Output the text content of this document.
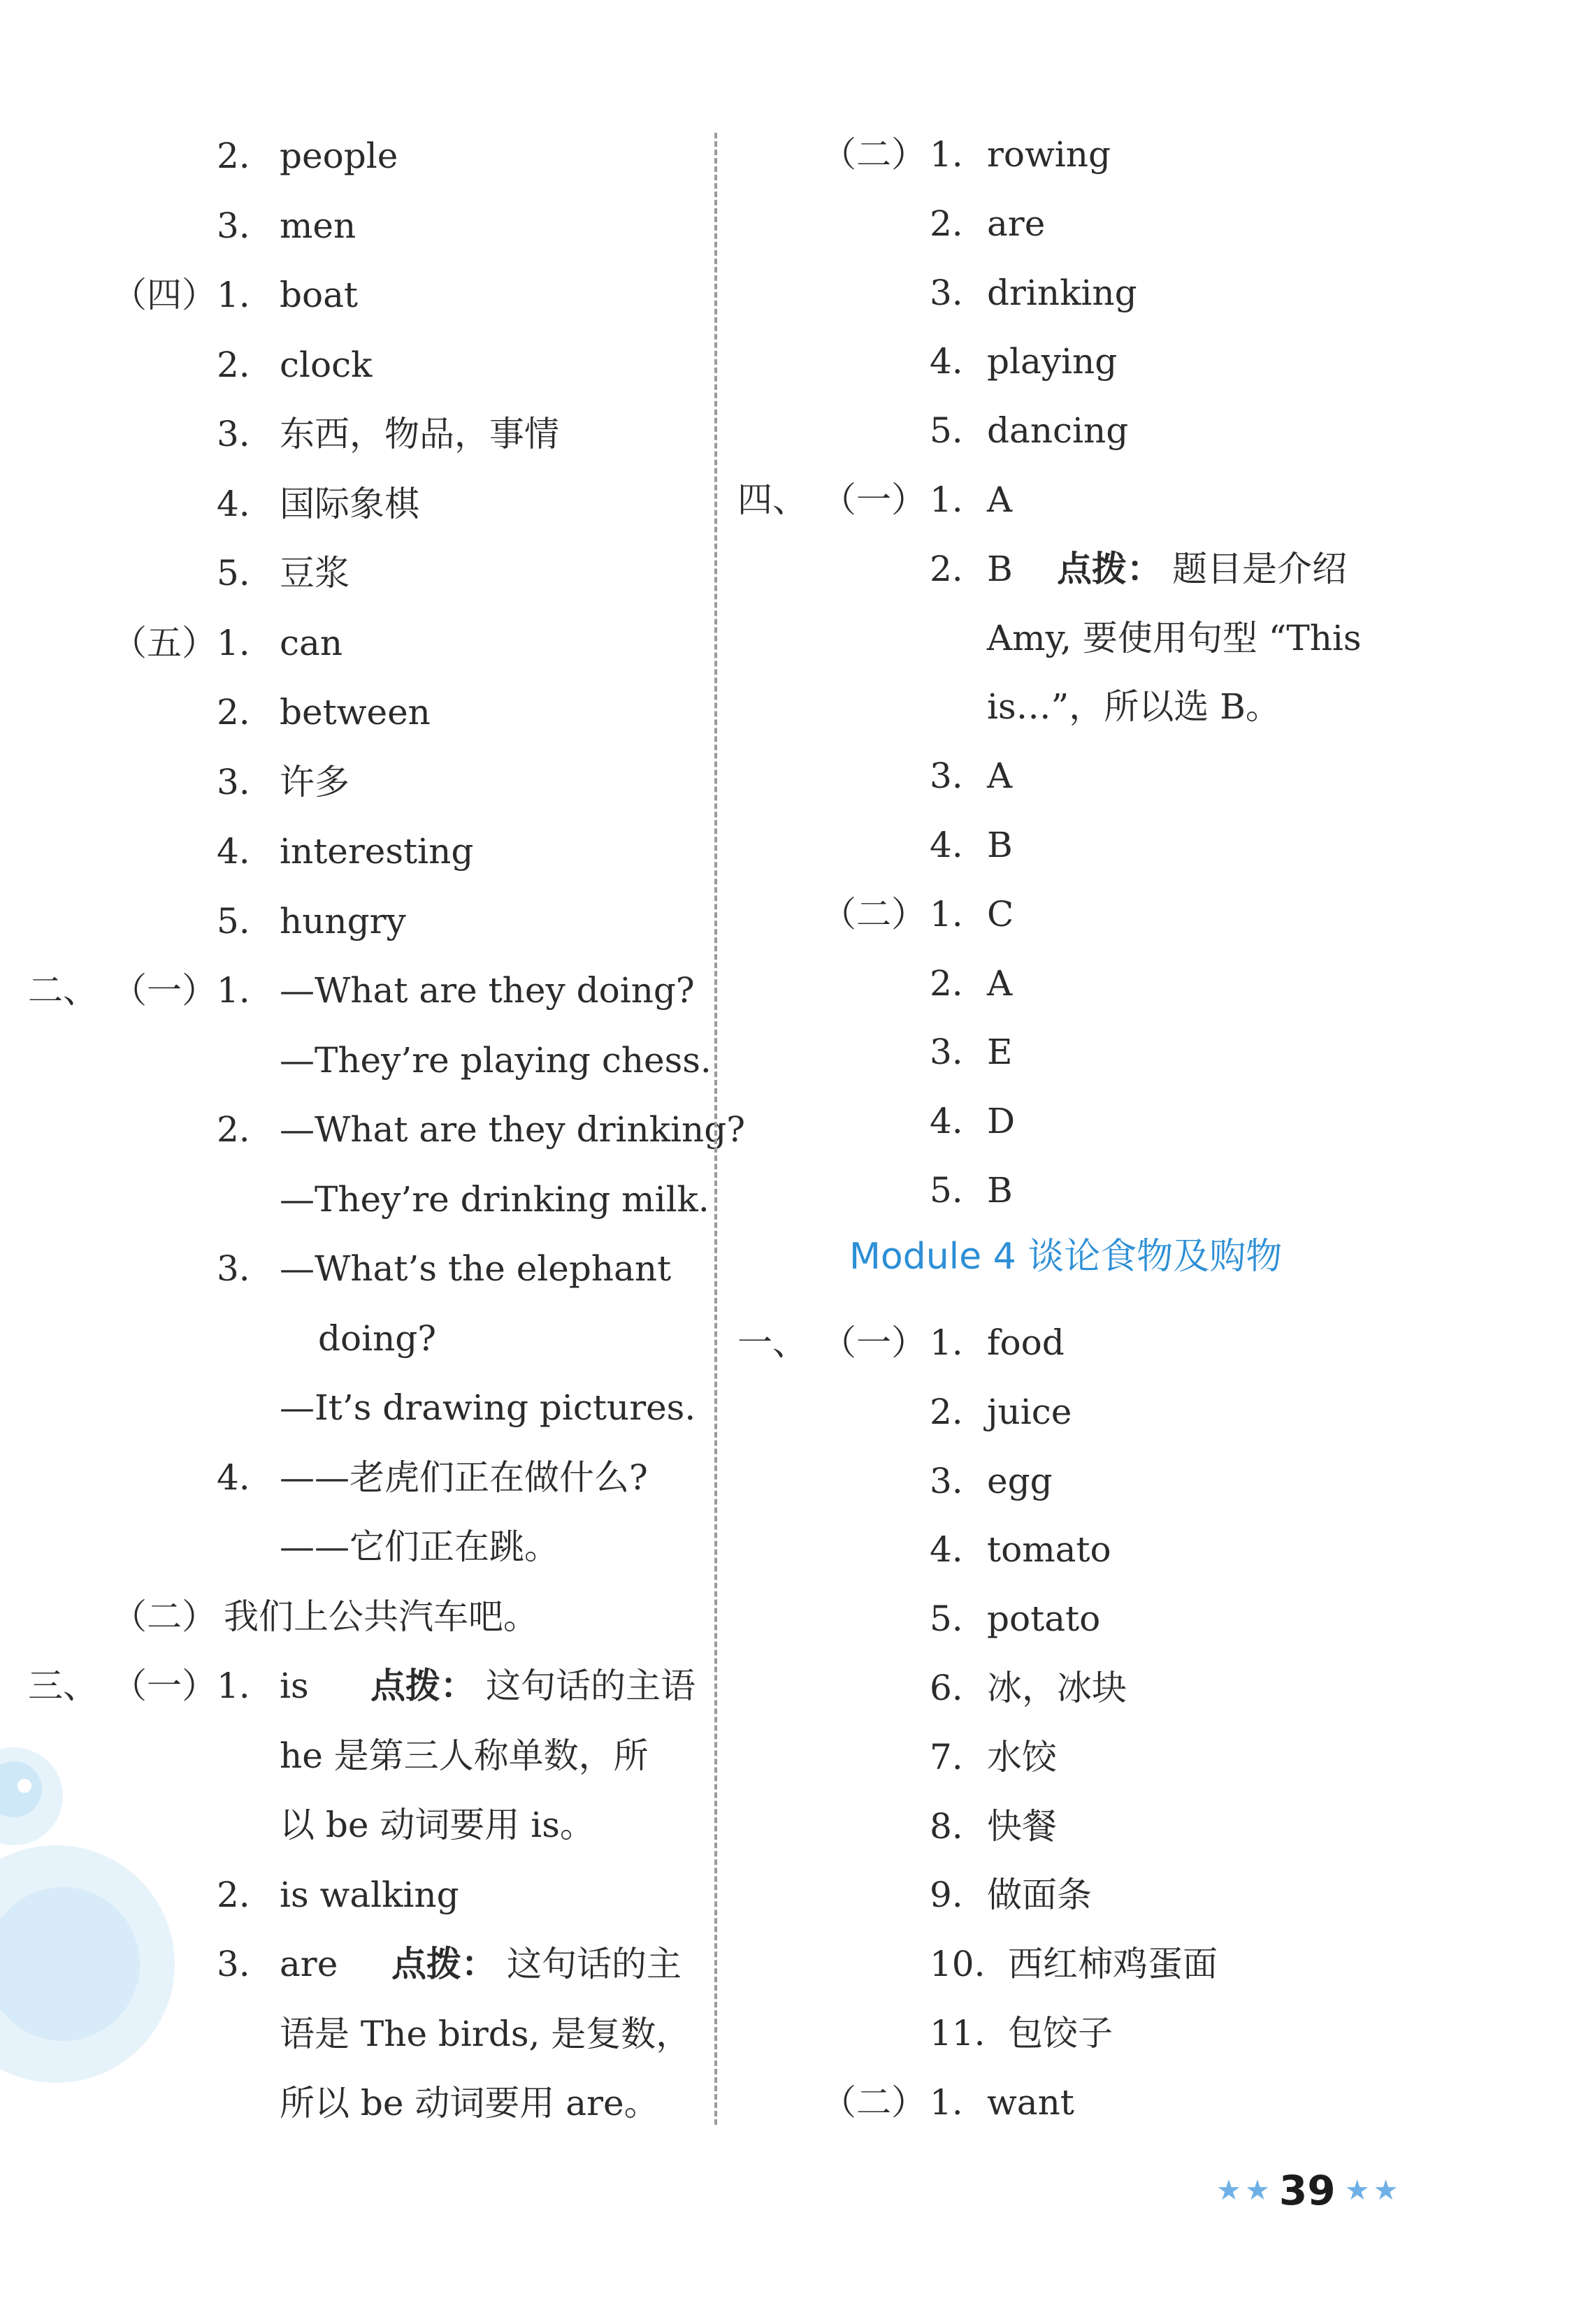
2. people
3. men
（四） 1. boat
2. clock
3. 东西，物品，事情
4. 国际象棋
5. 豆浆
（五） 1. can
2. between
3. 许多
4. interesting
5. hungry
二、 （一） 1. —What are they doing?
—They’re playing chess.
2. —What are they drinking?
—They’re drinking milk.
3. —What’s the elephant
doing?
—It’s drawing pictures.
4. ——老虎们正在做什么?
——它们正在跳。
（二） 我们上公共汽车吧。
三、 （一） 1. is 点拨： 这句话的主语
he 是第三人称单数，所
以 be 动词要用 is。
2. is walking
3. are 点拨： 这句话的主
语是 The birds, 是复数，
所以 be 动词要用 are。
（二） 1. rowing
2. are
3. drinking
4. playing
5. dancing
四、 （一） 1. A
2. B 点拨： 题目是介绍
Amy, 要使用句型 “This
is…”，所以选 B。
3. A
4. B
（二） 1. C
2. A
3. E
4. D
5. B
一、 （一） 1. food
2. juice
3. egg
4. tomato
5. potato
6. 冰，冰块
7. 水饺
8. 快餐
9. 做面条
10. 西红柿鸡蛋面
11. 包饺子
（二） 1. want
Module 4 谈论食物及购物
★ ★ 39 ★ ★
